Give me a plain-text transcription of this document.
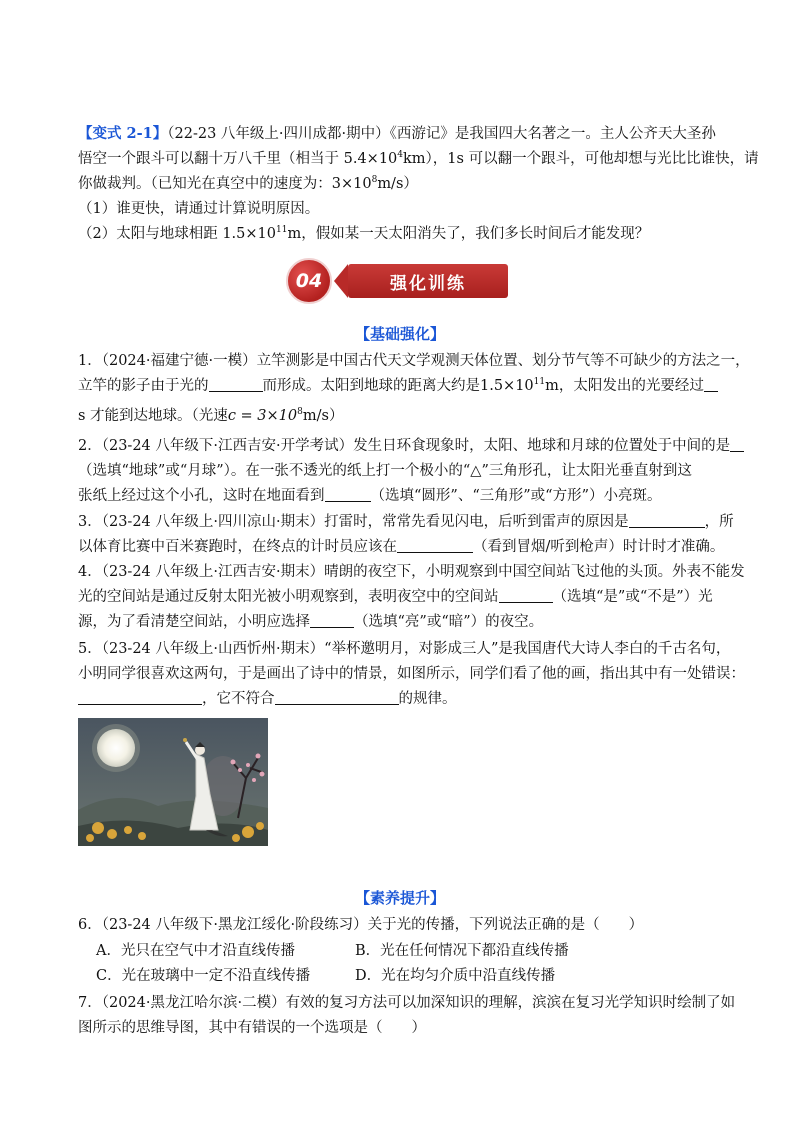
【变式 2-1】（22-23 八年级上·四川成都·期中）《西游记》是我国四大名著之一。主人公齐天大圣孙
悟空一个跟斗可以翻十万八千里（相当于 $5.4\times 10^4km$），1s 可以翻一个跟斗，可他却想与光比比谁快，请
你做裁判。（已知光在真空中的速度为：$3\times 10^8m/s$）
（1）谁更快，请通过计算说明原因。
（2）太阳与地球相距 $1.5\times 10^{11}m$，假如某一天太阳消失了，我们多长时间后才能发现？
04	强化训练
【基础强化】
1．（2024·福建宁德·一模）立竿测影是中国古代天文学观测天体位置、划分节气等不可缺少的方法之一，
立竿的影子由于光的	而形成。太阳到地球的距离大约是$1.5\times 10^{11}m$，太阳发出的光要经过
s 才能到达地球。（光速$c = 3\times 10^8m/s$）
2．（23-24 八年级下·江西吉安·开学考试）发生日环食现象时，太阳、地球和月球的位置处于中间的是
（选填“地球”或“月球”）。在一张不透光的纸上打一个极小的“△”三角形孔，让太阳光垂直射到这
张纸上经过这个小孔，这时在地面看到	（选填“圆形”、“三角形”或“方形”）小亮斑。
3．（23-24 八年级上·四川凉山·期末）打雷时，常常先看见闪电，后听到雷声的原因是	，所
以体育比赛中百米赛跑时，在终点的计时员应该在	（看到冒烟/听到枪声）时计时才准确。
4．（23-24 八年级上·江西吉安·期末）晴朗的夜空下，小明观察到中国空间站飞过他的头顶。外表不能发
光的空间站是通过反射太阳光被小明观察到，表明夜空中的空间站	（选填“是”或“不是”）光
源，为了看清楚空间站，小明应选择	（选填“亮”或“暗”）的夜空。
5．（23-24 八年级上·山西忻州·期末）“举杯邀明月，对影成三人”是我国唐代大诗人李白的千古名句，
小明同学很喜欢这两句，于是画出了诗中的情景，如图所示，同学们看了他的画，指出其中有一处错误：
，它不符合	的规律。
【素养提升】
6．（23-24 八年级下·黑龙江绥化·阶段练习）关于光的传播，下列说法正确的是（　　）
A．光只在空气中才沿直线传播	B．光在任何情况下都沿直线传播
C．光在玻璃中一定不沿直线传播	D．光在均匀介质中沿直线传播
7．（2024·黑龙江哈尔滨·二模）有效的复习方法可以加深知识的理解，滨滨在复习光学知识时绘制了如
图所示的思维导图，其中有错误的一个选项是（　　）
